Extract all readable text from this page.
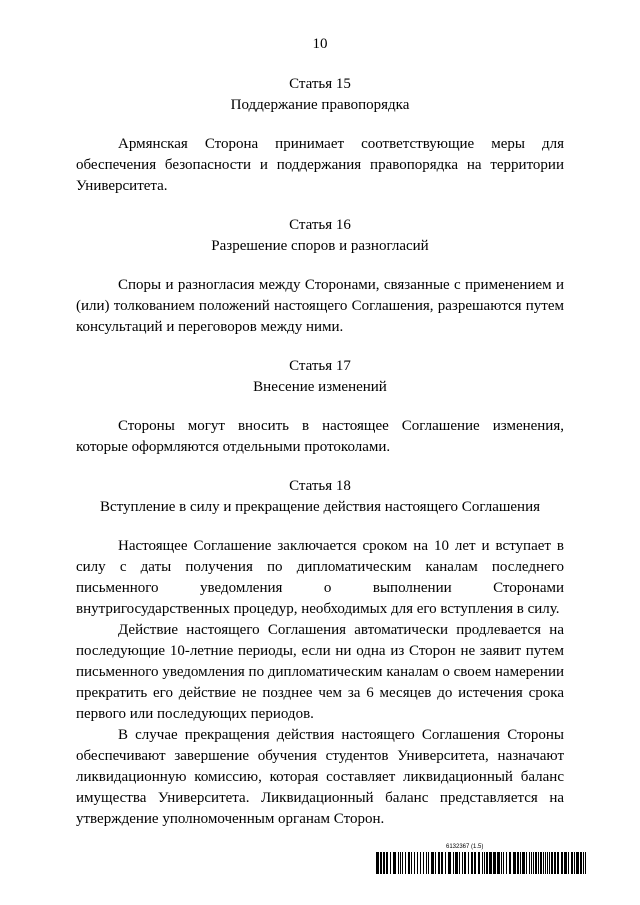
10
Статья 15
Поддержание правопорядка

Армянская Сторона принимает соответствующие меры для обеспечения безопасности и поддержания правопорядка на территории Университета.

Статья 16
Разрешение споров и разногласий

Споры и разногласия между Сторонами, связанные с применением и (или) толкованием положений настоящего Соглашения, разрешаются путем консультаций и переговоров между ними.

Статья 17
Внесение изменений

Стороны могут вносить в настоящее Соглашение изменения, которые оформляются отдельными протоколами.

Статья 18
Вступление в силу и прекращение действия настоящего Соглашения

Настоящее Соглашение заключается сроком на 10 лет и вступает в силу с даты получения по дипломатическим каналам последнего письменного уведомления о выполнении Сторонами внутригосударственных процедур, необходимых для его вступления в силу.

Действие настоящего Соглашения автоматически продлевается на последующие 10-летние периоды, если ни одна из Сторон не заявит путем письменного уведомления по дипломатическим каналам о своем намерении прекратить его действие не позднее чем за 6 месяцев до истечения срока первого или последующих периодов.

В случае прекращения действия настоящего Соглашения Стороны обеспечивают завершение обучения студентов Университета, назначают ликвидационную комиссию, которая составляет ликвидационный баланс имущества Университета. Ликвидационный баланс представляется на утверждение уполномоченным органам Сторон.

6132367 (1.5)
